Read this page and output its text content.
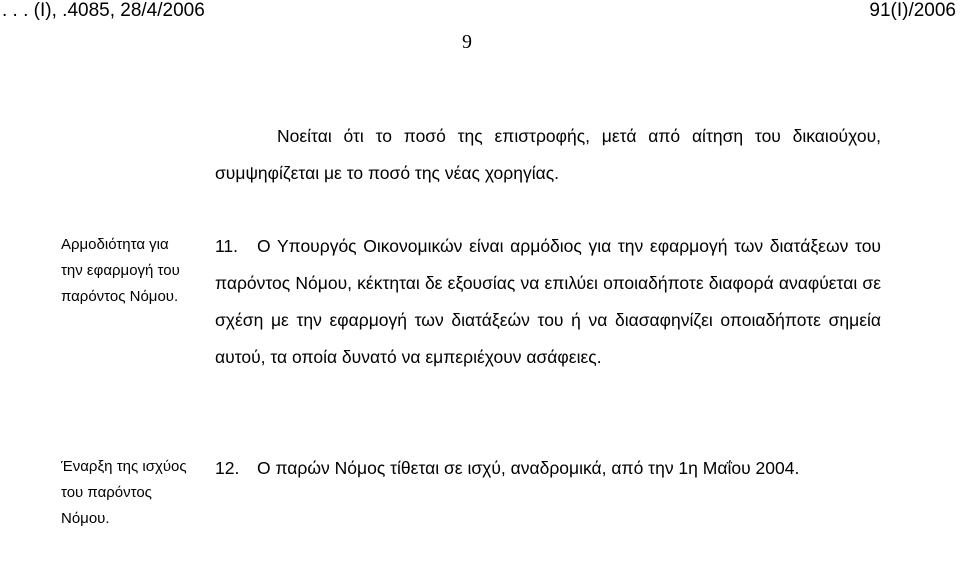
. . . (Ι), .4085, 28/4/2006	91(Ι)/2006
9
Νοείται ότι το ποσό της επιστροφής, μετά από αίτηση του δικαιούχου, συμψηφίζεται με το ποσό της νέας χορηγίας.
Αρμοδιότητα για την εφαρμογή του παρόντος Νόμου.
11. Ο Υπουργός Οικονομικών είναι αρμόδιος για την εφαρμογή των διατάξεων του παρόντος Νόμου, κέκτηται δε εξουσίας να επιλύει οποιαδήποτε διαφορά αναφύεται σε σχέση με την εφαρμογή των διατάξεών του ή να διασαφηνίζει οποιαδήποτε σημεία αυτού, τα οποία δυνατό να εμπεριέχουν ασάφειες.
Έναρξη της ισχύος του παρόντος Νόμου.
12. Ο παρών Νόμος τίθεται σε ισχύ, αναδρομικά, από την 1η Μαΐου 2004.
